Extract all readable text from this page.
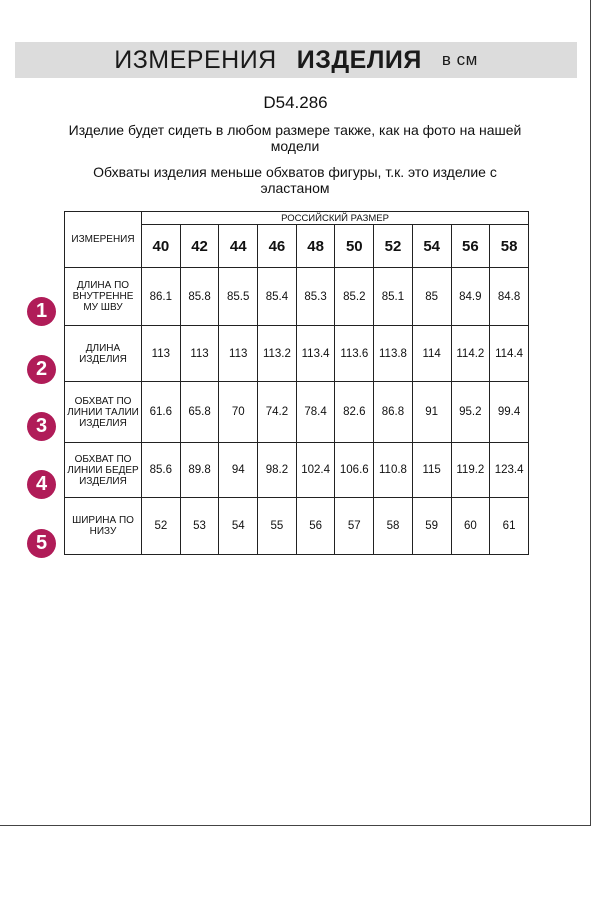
ИЗМЕРЕНИЯ ИЗДЕЛИЯ в см
D54.286
Изделие будет сидеть в любом размере также, как на фото на нашей модели
Обхваты изделия меньше обхватов фигуры, т.к. это изделие с эластаном
ИЗМЕРЕНИЯ	РОССИЙСКИЙ РАЗМЕР									
	40	42	44	46	48	50	52	54	56	58
ДЛИНА ПО ВНУТРЕННЕ МУ ШВУ	86.1	85.8	85.5	85.4	85.3	85.2	85.1	85	84.9	84.8
ДЛИНА ИЗДЕЛИЯ	113	113	113	113.2	113.4	113.6	113.8	114	114.2	114.4
ОБХВАТ ПО ЛИНИИ ТАЛИИ ИЗДЕЛИЯ	61.6	65.8	70	74.2	78.4	82.6	86.8	91	95.2	99.4
ОБХВАТ ПО ЛИНИИ БЕДЕР ИЗДЕЛИЯ	85.6	89.8	94	98.2	102.4	106.6	110.8	115	119.2	123.4
ШИРИНА ПО НИЗУ	52	53	54	55	56	57	58	59	60	61
1
2
3
4
5
